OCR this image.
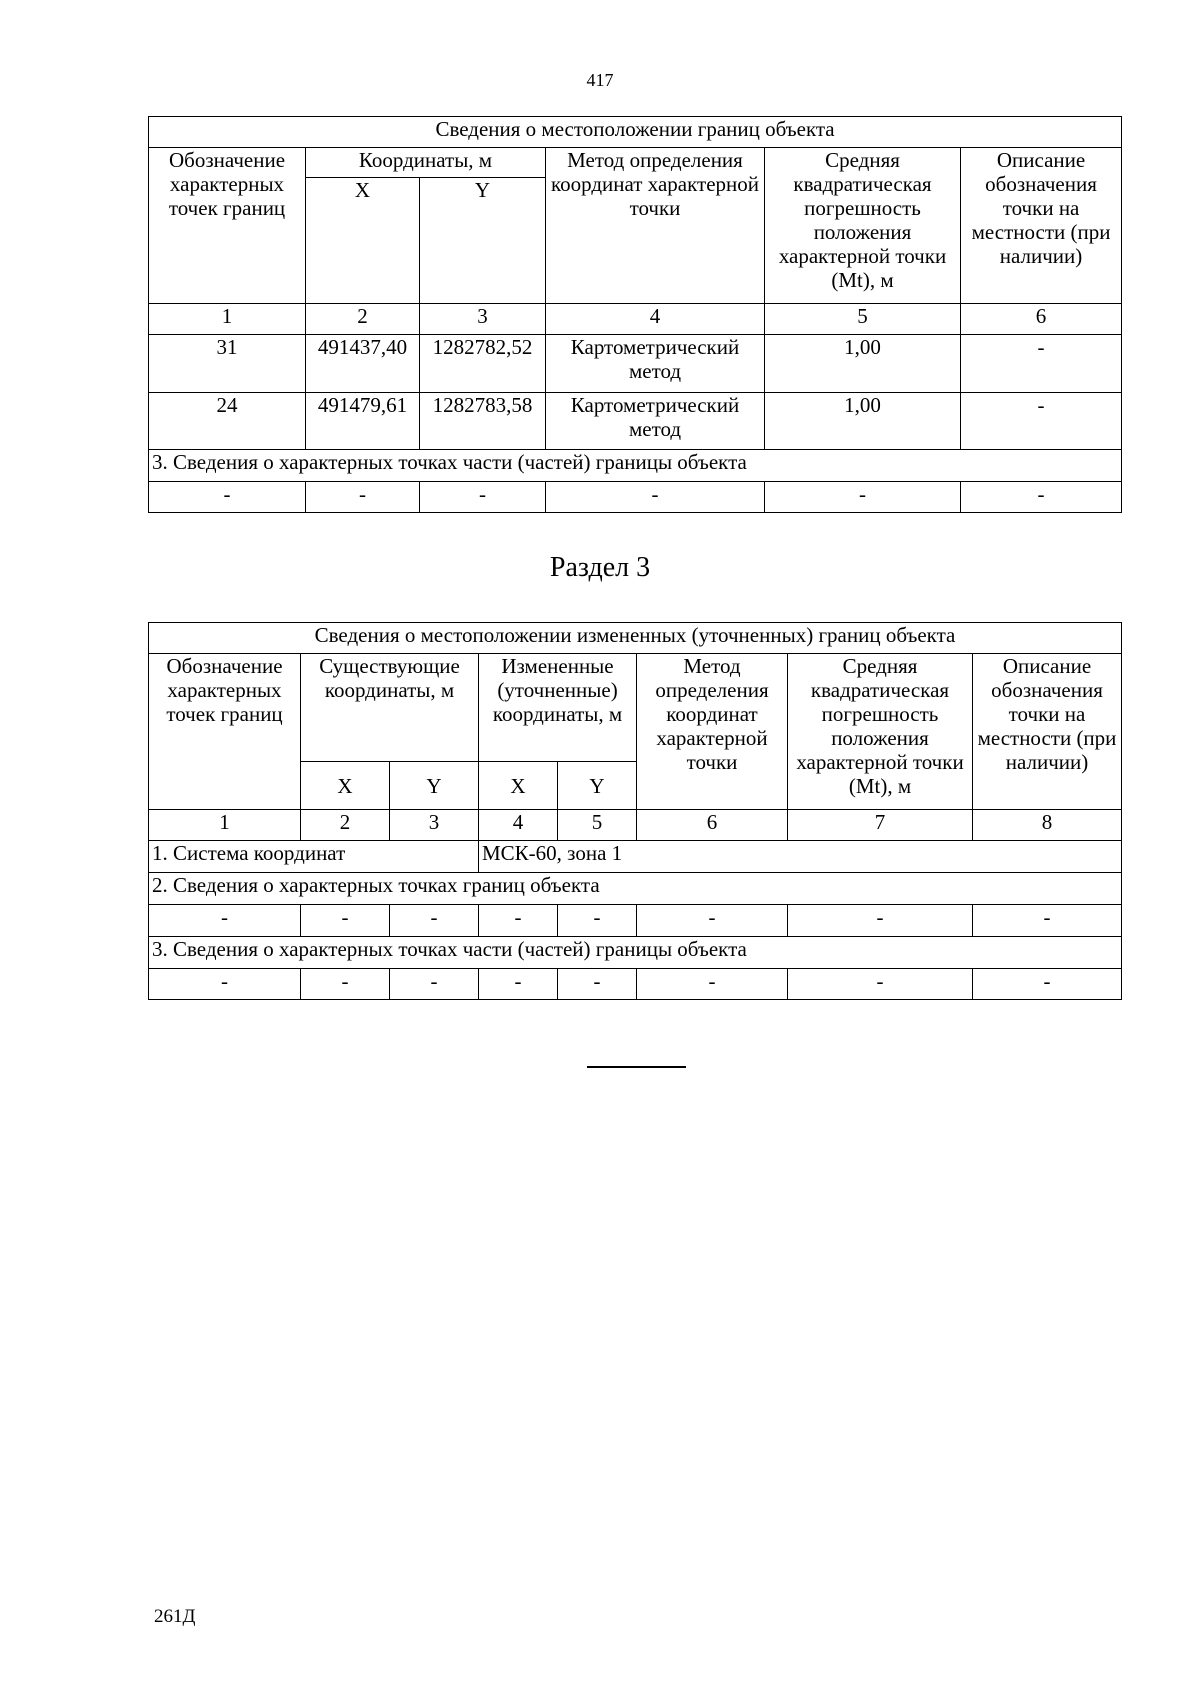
417
Сведения о местоположении границ объекта					
Обозначение характерных точек границ	Координаты, м		Метод определения координат характерной точки	Средняя квадратическая погрешность положения характерной точки (Mt), м	Описание обозначения точки на местности (при наличии)
	X	Y			
1	2	3	4	5	6
31	491437,40	1282782,52	Картометрический метод	1,00	-
24	491479,61	1282783,58	Картометрический метод	1,00	-
3. Сведения о характерных точках части (частей) границы объекта					
-	-	-	-	-	-
Раздел 3
Сведения о местоположении измененных (уточненных) границ объекта							
Обозначение характерных точек границ	Существующие координаты, м		Измененные (уточненные) координаты, м		Метод определения координат характерной точки	Средняя квадратическая погрешность положения характерной точки (Mt), м	Описание обозначения точки на местности (при наличии)
	X	Y	X	Y			
1	2	3	4	5	6	7	8
1. Система координат			МСК-60, зона 1				
2. Сведения о характерных точках границ объекта							
-	-	-	-	-	-	-	-
3. Сведения о характерных точках части (частей) границы объекта							
-	-	-	-	-	-	-	-
261Д
